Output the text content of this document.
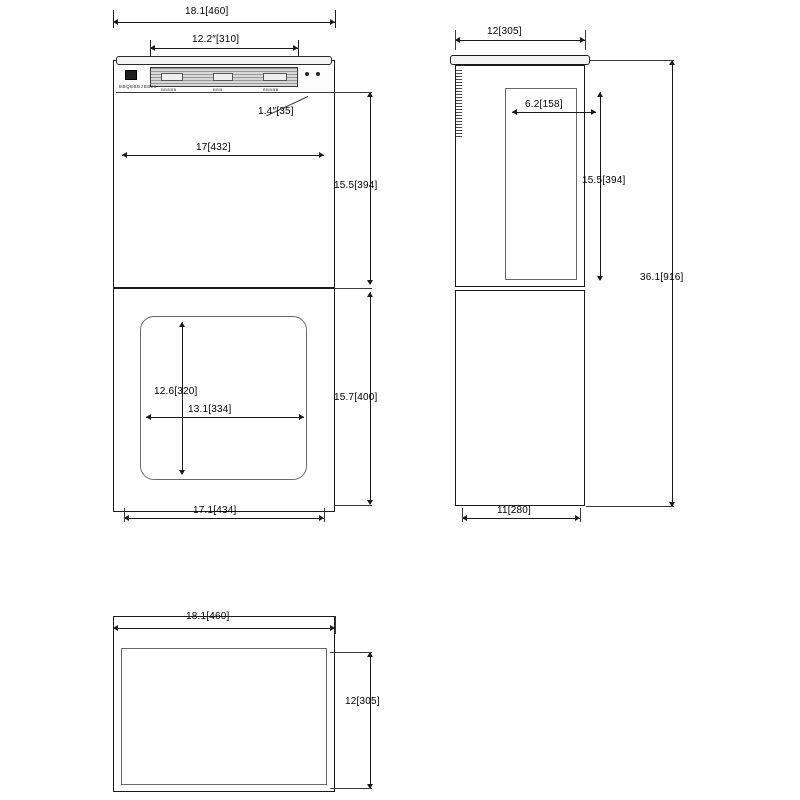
18.1[460]
12.2″[310]
BBBBB	BBB	BBBBB
BBQBBB zBBen
1.4″[35]
17[432]
15.5[394]
12.6[320]
13.1[334]
15.7[400]
17.1[434]
12[305]
6.2[158]
15.5[394]
36.1[916]
11[280]
18.1[460]
12[305]
